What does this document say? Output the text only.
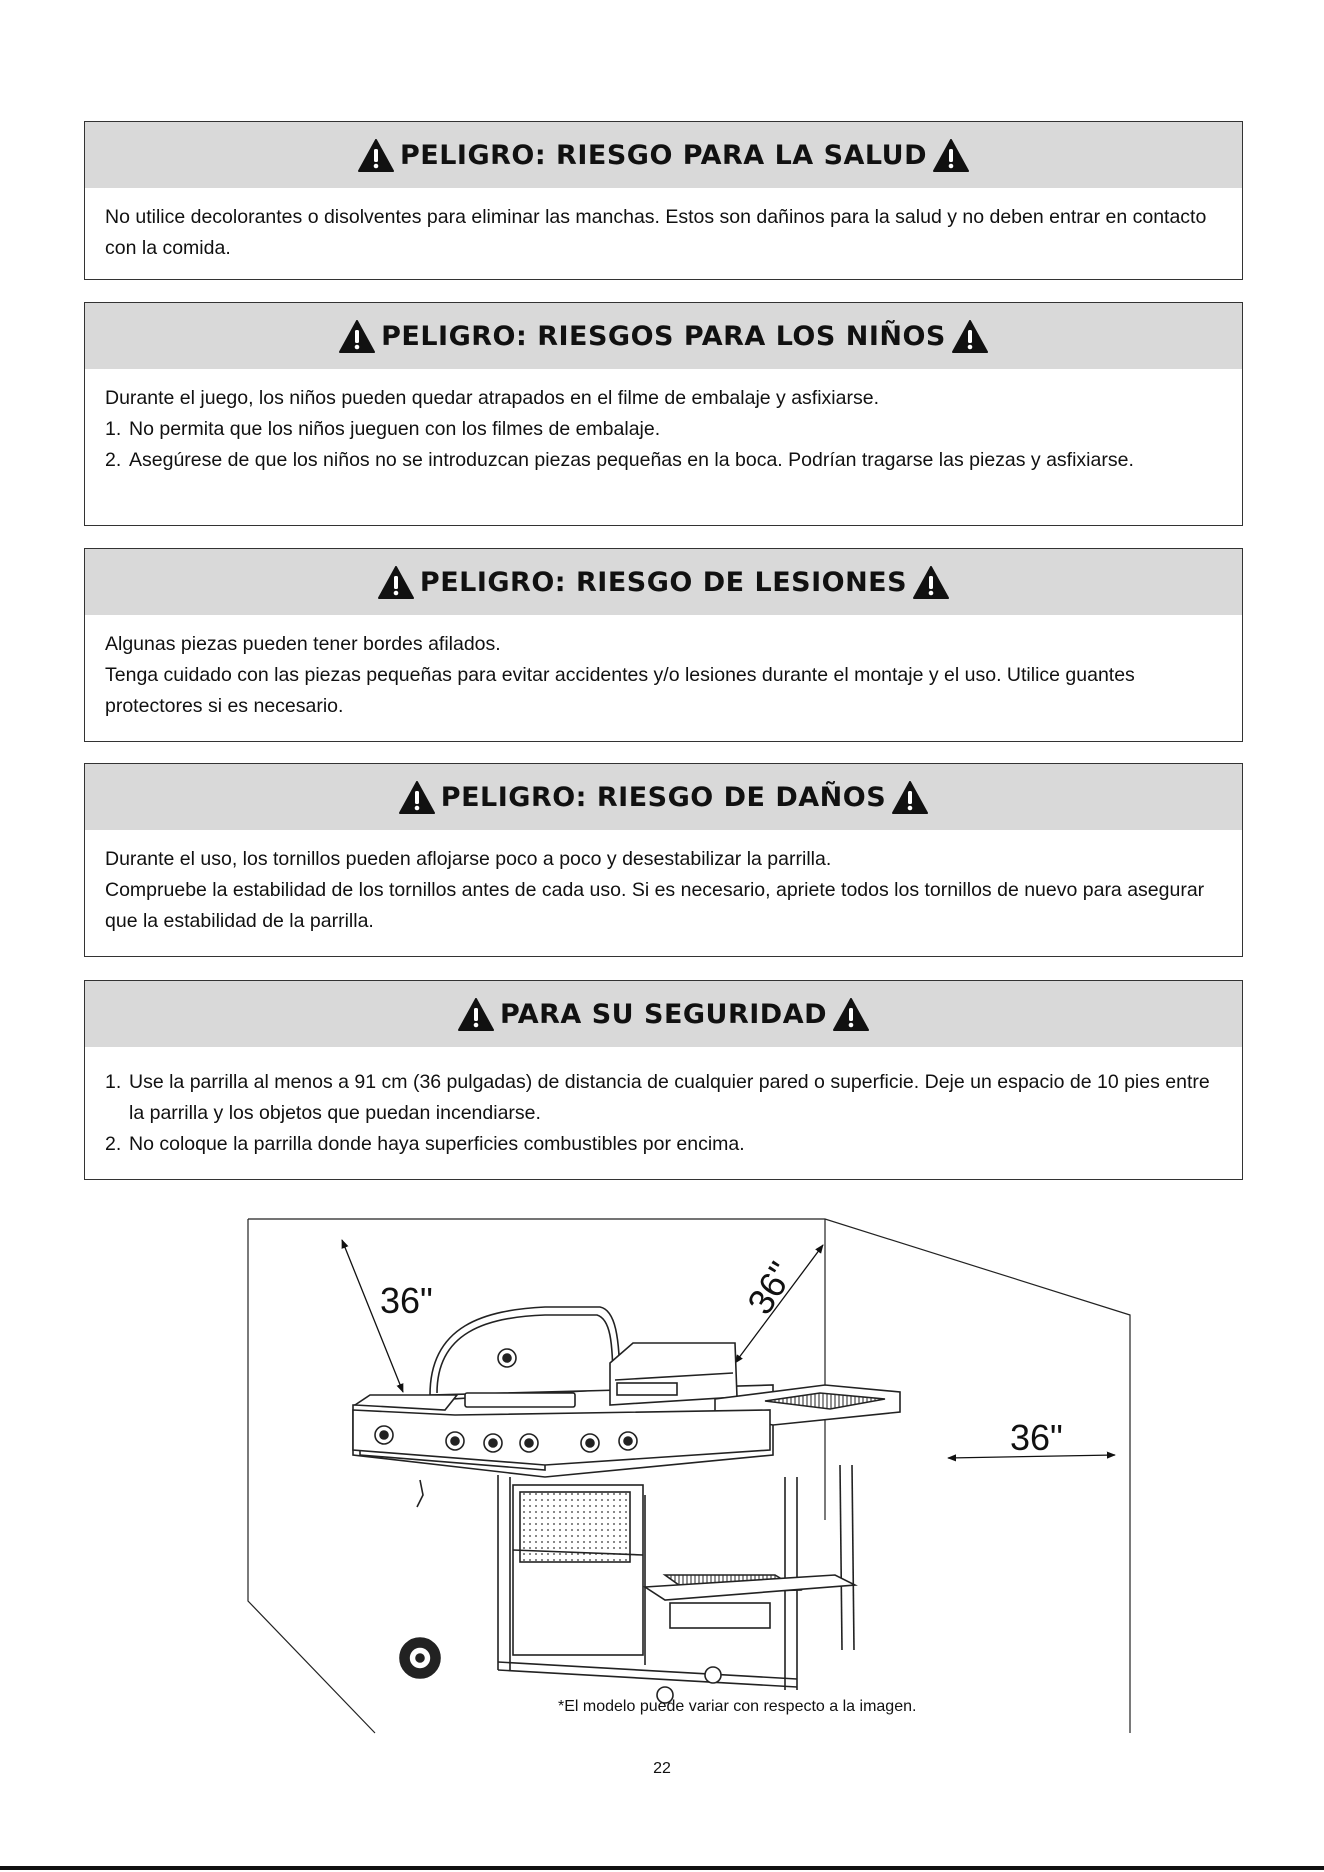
PELIGRO: RIESGO PARA LA SALUD

No utilice decolorantes o disolventes para eliminar las manchas. Estos son dañinos para la salud y no deben entrar en contacto con la comida.

PELIGRO: RIESGOS PARA LOS NIÑOS

Durante el juego, los niños pueden quedar atrapados en el filme de embalaje y asfixiarse.

1. No permita que los niños jueguen con los filmes de embalaje.
2. Asegúrese de que los niños no se introduzcan piezas pequeñas en la boca. Podrían tragarse las piezas y asfixiarse.
PELIGRO: RIESGO DE LESIONES

Algunas piezas pueden tener bordes afilados.

Tenga cuidado con las piezas pequeñas para evitar accidentes y/o lesiones durante el montaje y el uso. Utilice guantes protectores si es necesario.

PELIGRO: RIESGO DE DAÑOS

Durante el uso, los tornillos pueden aflojarse poco a poco y desestabilizar la parrilla.

Compruebe la estabilidad de los tornillos antes de cada uso. Si es necesario, apriete todos los tornillos de nuevo para asegurar que la estabilidad de la parrilla.

PARA SU SEGURIDAD
1. Use la parrilla al menos a 91 cm (36 pulgadas) de distancia de cualquier pared o superficie. Deje un espacio de 10 pies entre la parrilla y los objetos que puedan incendiarse.
2. No coloque la parrilla donde haya superficies combustibles por encima.
36"	36"
36"
*El modelo puede variar con respecto a la imagen.
22
